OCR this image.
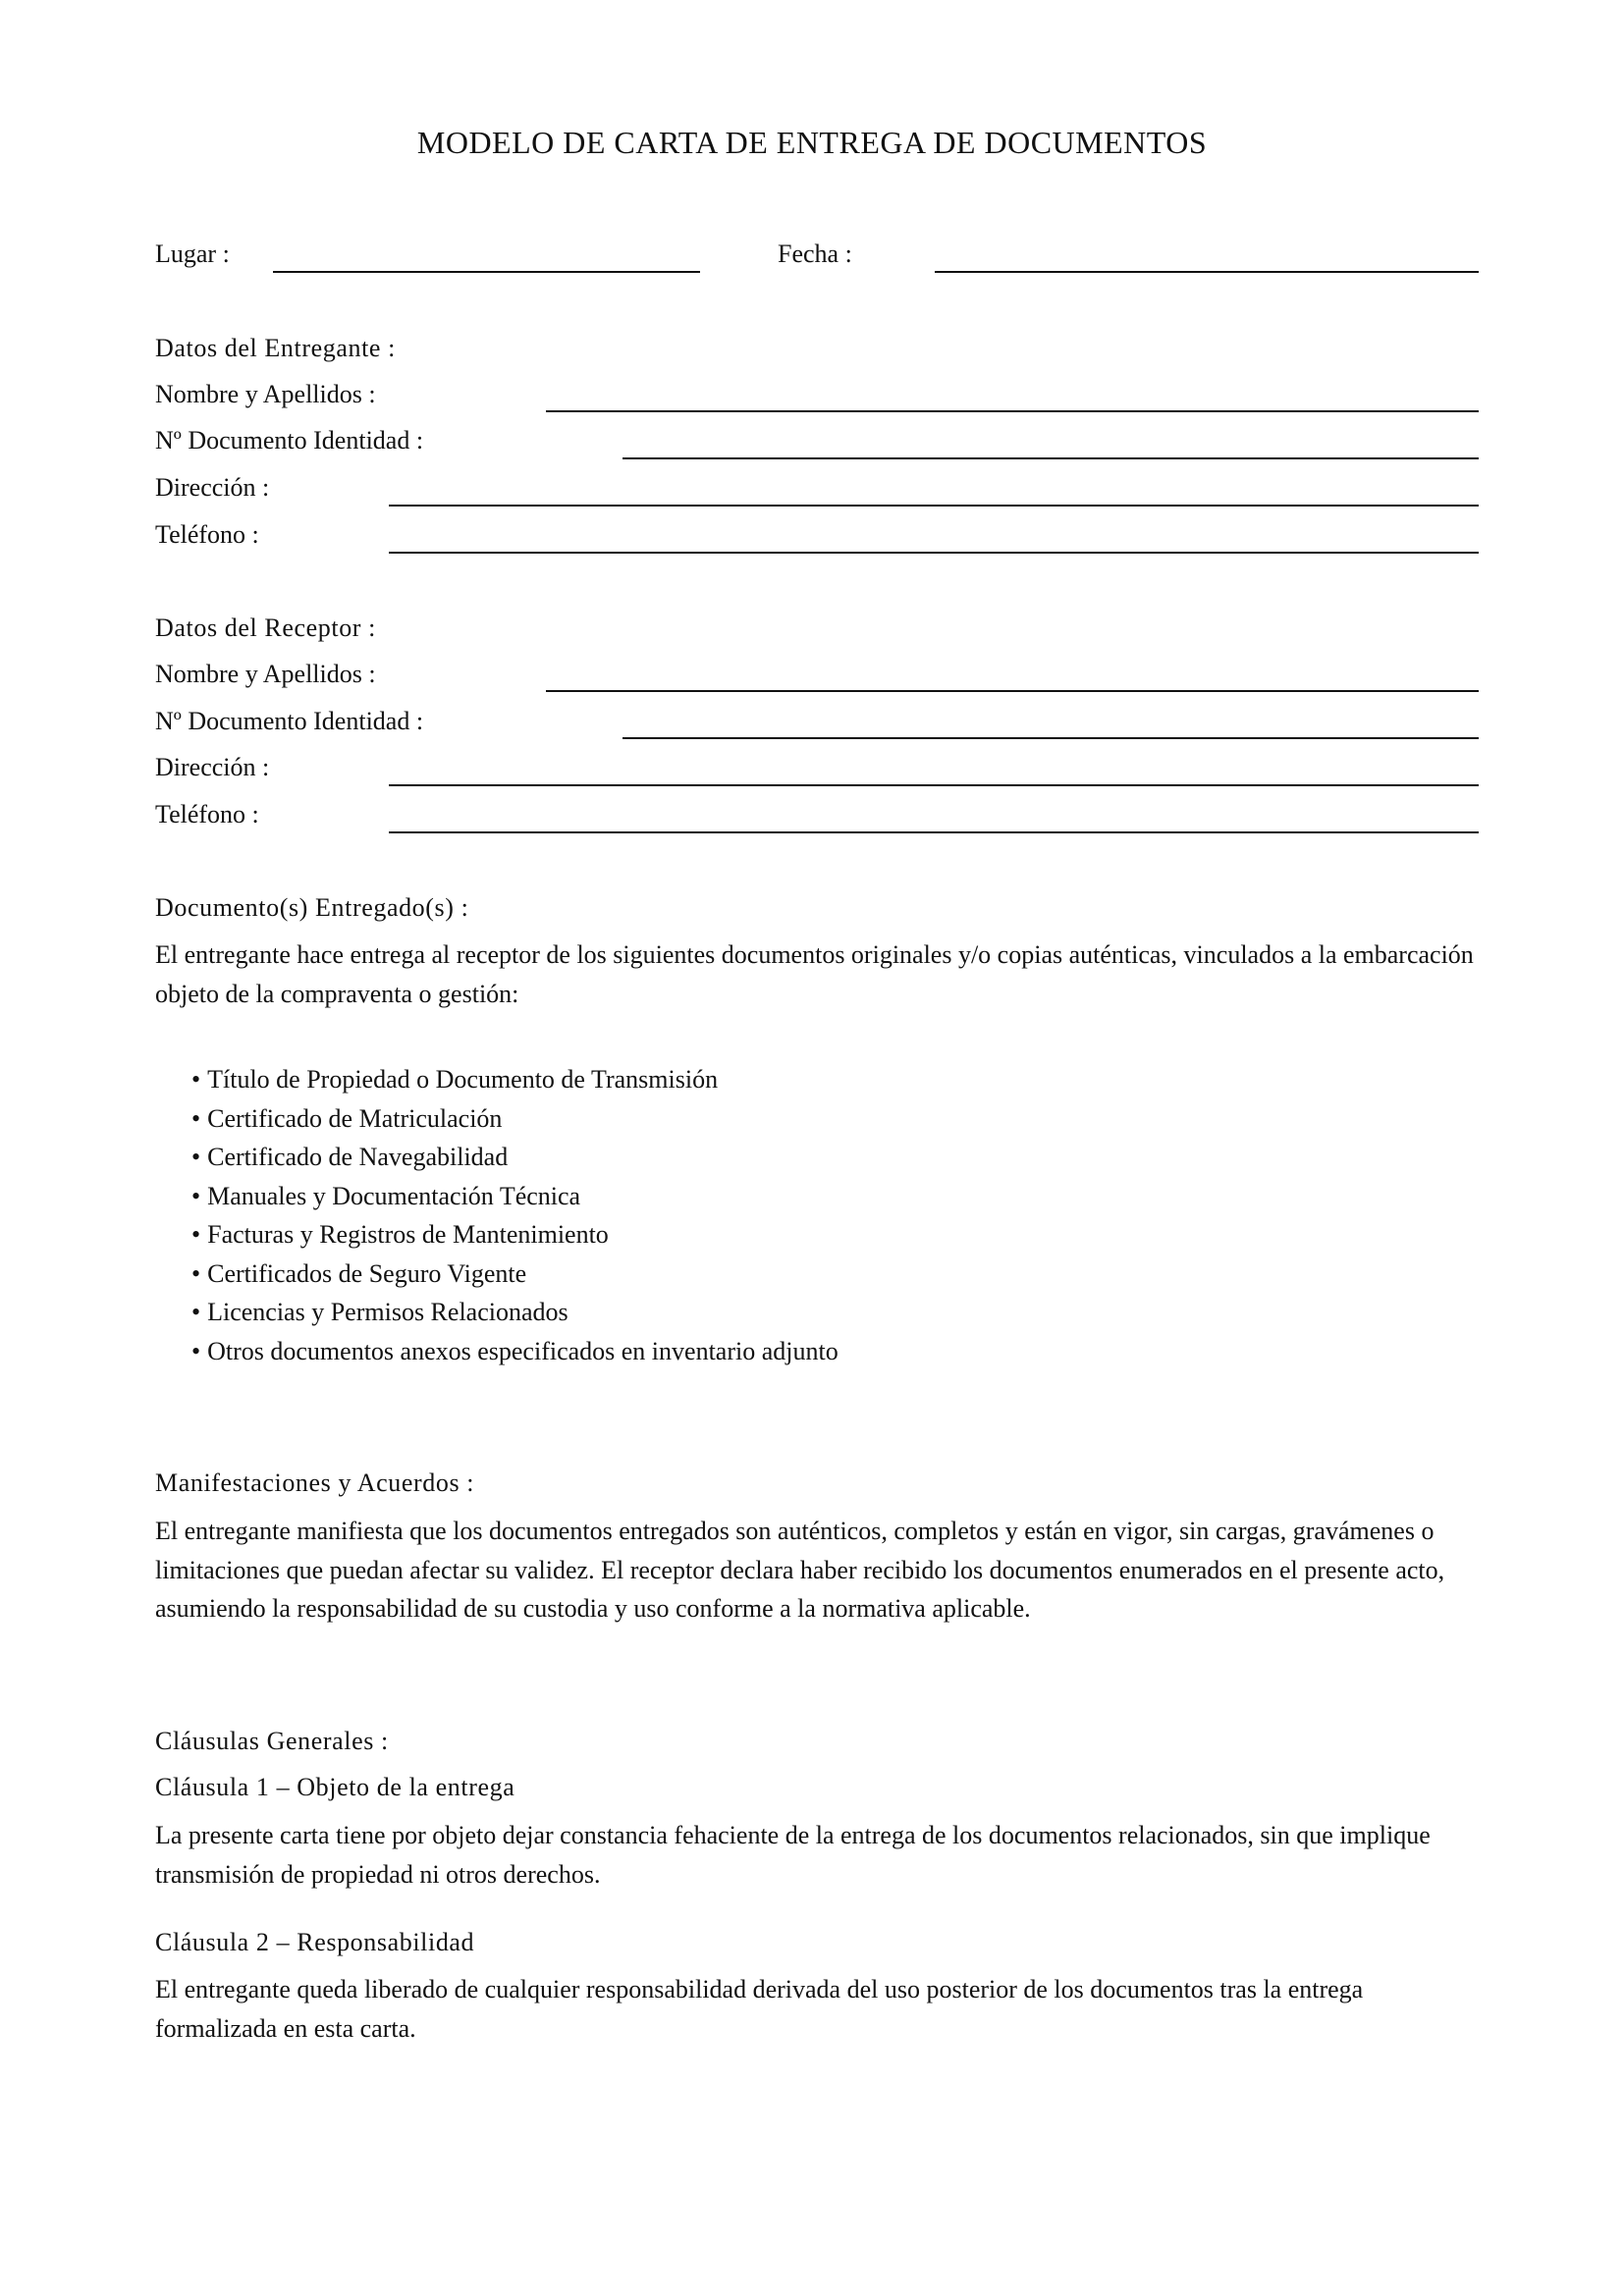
MODELO DE CARTA DE ENTREGA DE DOCUMENTOS
Lugar :	Fecha :
Datos del Entregante :
Nombre y Apellidos :
Nº Documento Identidad :
Dirección :
Teléfono :
Datos del Receptor :
Nombre y Apellidos :
Nº Documento Identidad :
Dirección :
Teléfono :
Documento(s) Entregado(s) :

El entregante hace entrega al receptor de los siguientes documentos originales y/o copias auténticas, vinculados a la embarcación objeto de la compraventa o gestión:

• Título de Propiedad o Documento de Transmisión
• Certificado de Matriculación
• Certificado de Navegabilidad
• Manuales y Documentación Técnica
• Facturas y Registros de Mantenimiento
• Certificados de Seguro Vigente
• Licencias y Permisos Relacionados
• Otros documentos anexos especificados en inventario adjunto
Manifestaciones y Acuerdos :

El entregante manifiesta que los documentos entregados son auténticos, completos y están en vigor, sin cargas, gravámenes o limitaciones que puedan afectar su validez. El receptor declara haber recibido los documentos enumerados en el presente acto, asumiendo la responsabilidad de su custodia y uso conforme a la normativa aplicable.

Cláusulas Generales :
Cláusula 1 – Objeto de la entrega

La presente carta tiene por objeto dejar constancia fehaciente de la entrega de los documentos relacionados, sin que implique transmisión de propiedad ni otros derechos.

Cláusula 2 – Responsabilidad

El entregante queda liberado de cualquier responsabilidad derivada del uso posterior de los documentos tras la entrega formalizada en esta carta.
